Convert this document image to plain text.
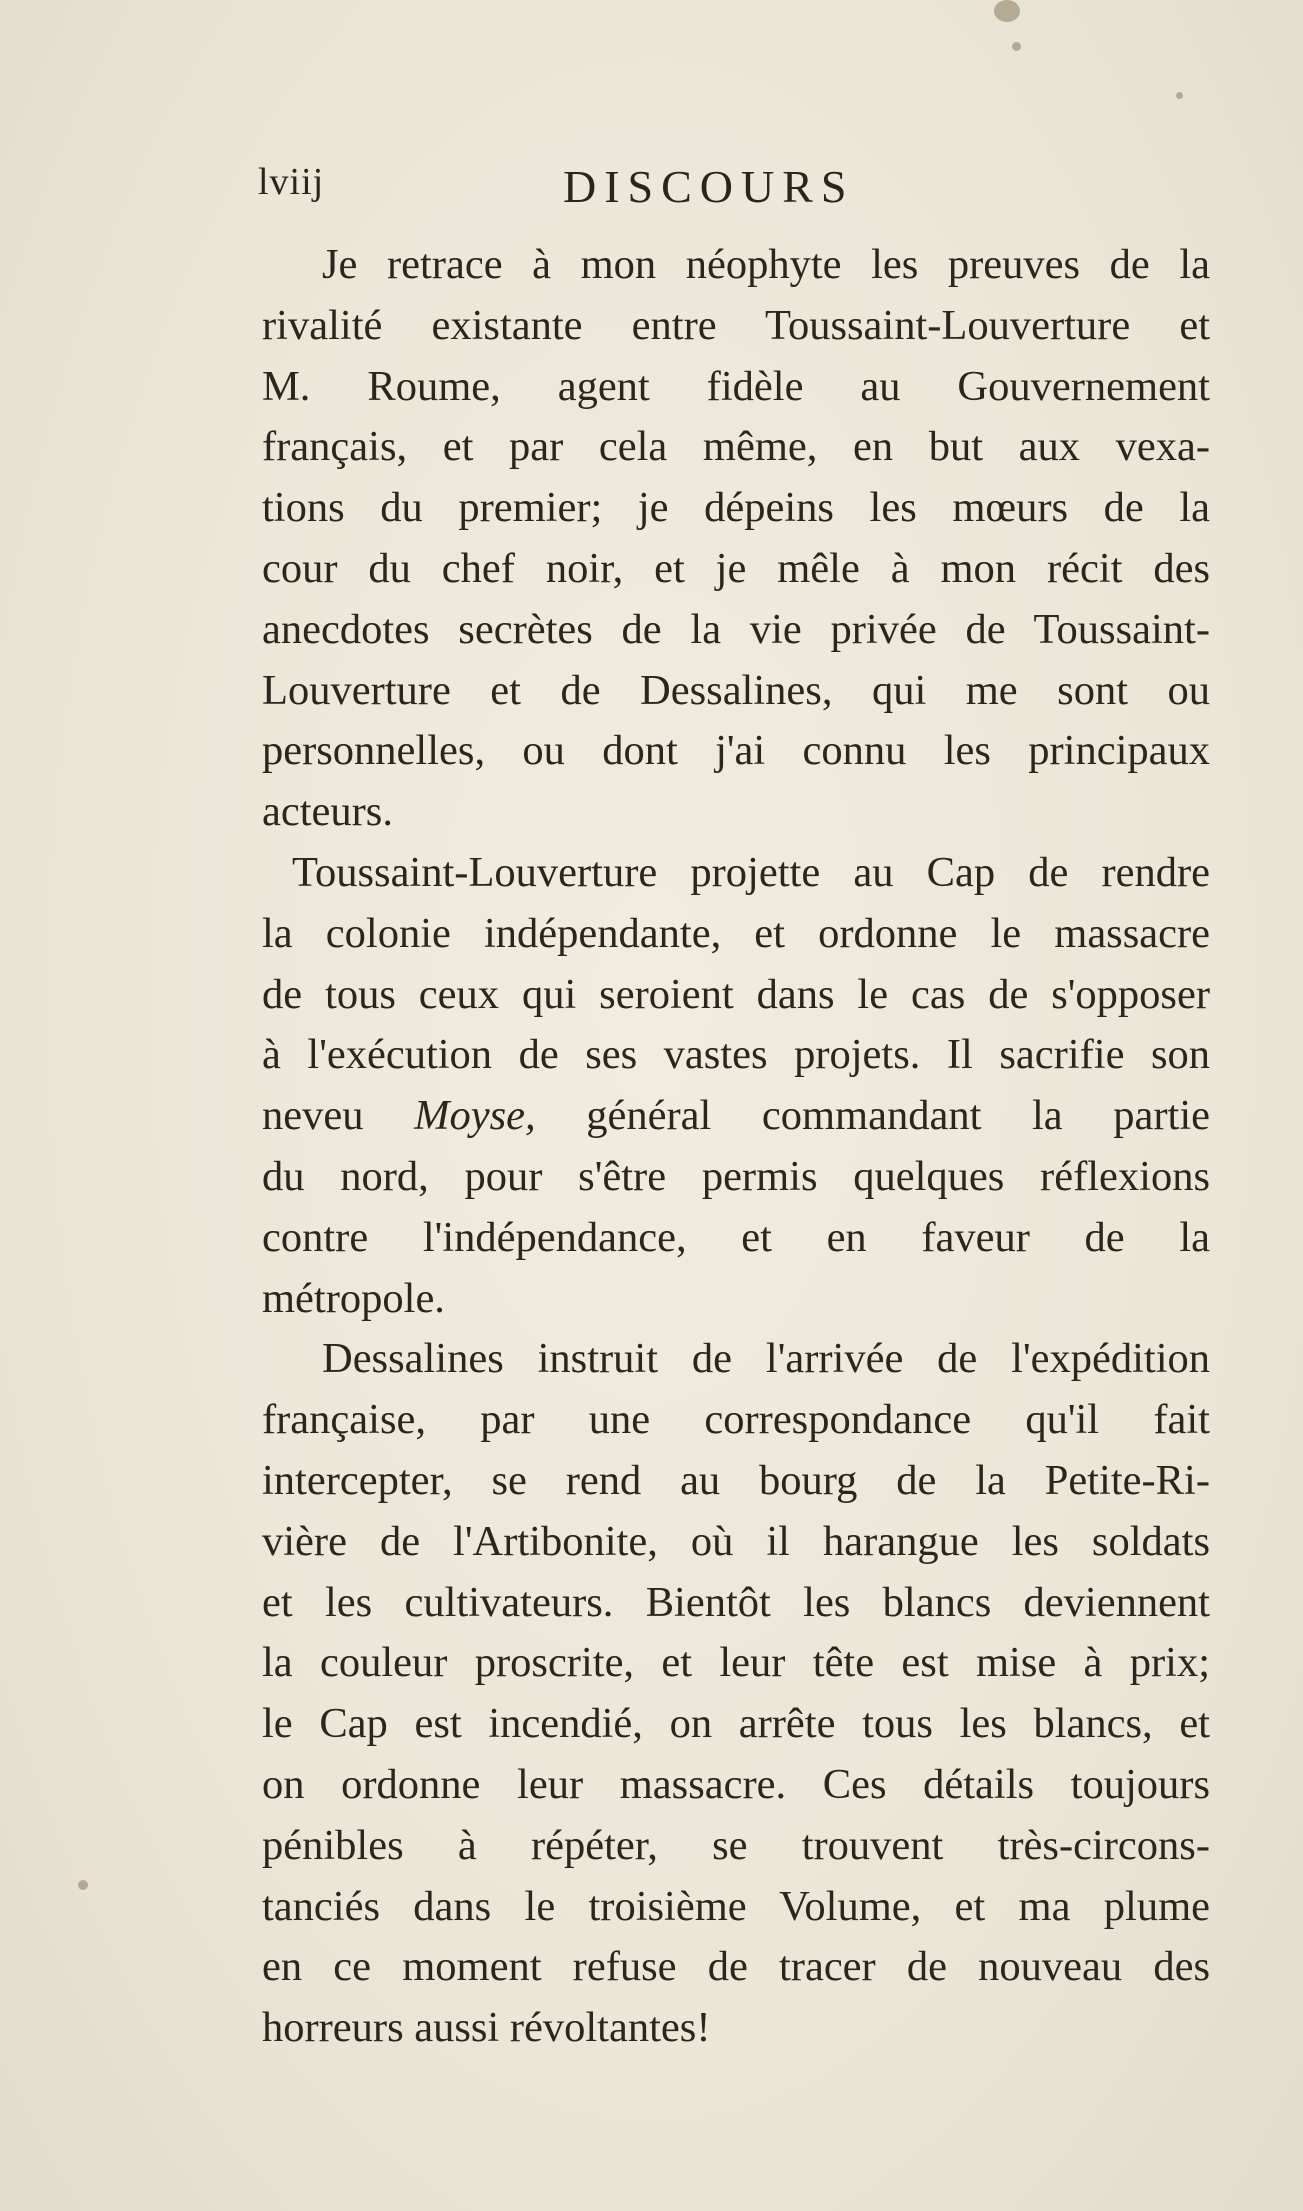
lviij	DISCOURS
Je retrace à mon néophyte les preuves de la
rivalité existante entre Toussaint-Louverture et
M. Roume, agent fidèle au Gouvernement
français, et par cela même, en but aux vexa-
tions du premier; je dépeins les mœurs de la
cour du chef noir, et je mêle à mon récit des
anecdotes secrètes de la vie privée de Toussaint-
Louverture et de Dessalines, qui me sont ou
personnelles, ou dont j'ai connu les principaux
acteurs.
Toussaint-Louverture projette au Cap de rendre
la colonie indépendante, et ordonne le massacre
de tous ceux qui seroient dans le cas de s'opposer
à l'exécution de ses vastes projets. Il sacrifie son
neveu Moyse, général commandant la partie
du nord, pour s'être permis quelques réflexions
contre l'indépendance, et en faveur de la
métropole.
Dessalines instruit de l'arrivée de l'expédition
française, par une correspondance qu'il fait
intercepter, se rend au bourg de la Petite-Ri-
vière de l'Artibonite, où il harangue les soldats
et les cultivateurs. Bientôt les blancs deviennent
la couleur proscrite, et leur tête est mise à prix;
le Cap est incendié, on arrête tous les blancs, et
on ordonne leur massacre. Ces détails toujours
pénibles à répéter, se trouvent très-circons-
tanciés dans le troisième Volume, et ma plume
en ce moment refuse de tracer de nouveau des
horreurs aussi révoltantes!
